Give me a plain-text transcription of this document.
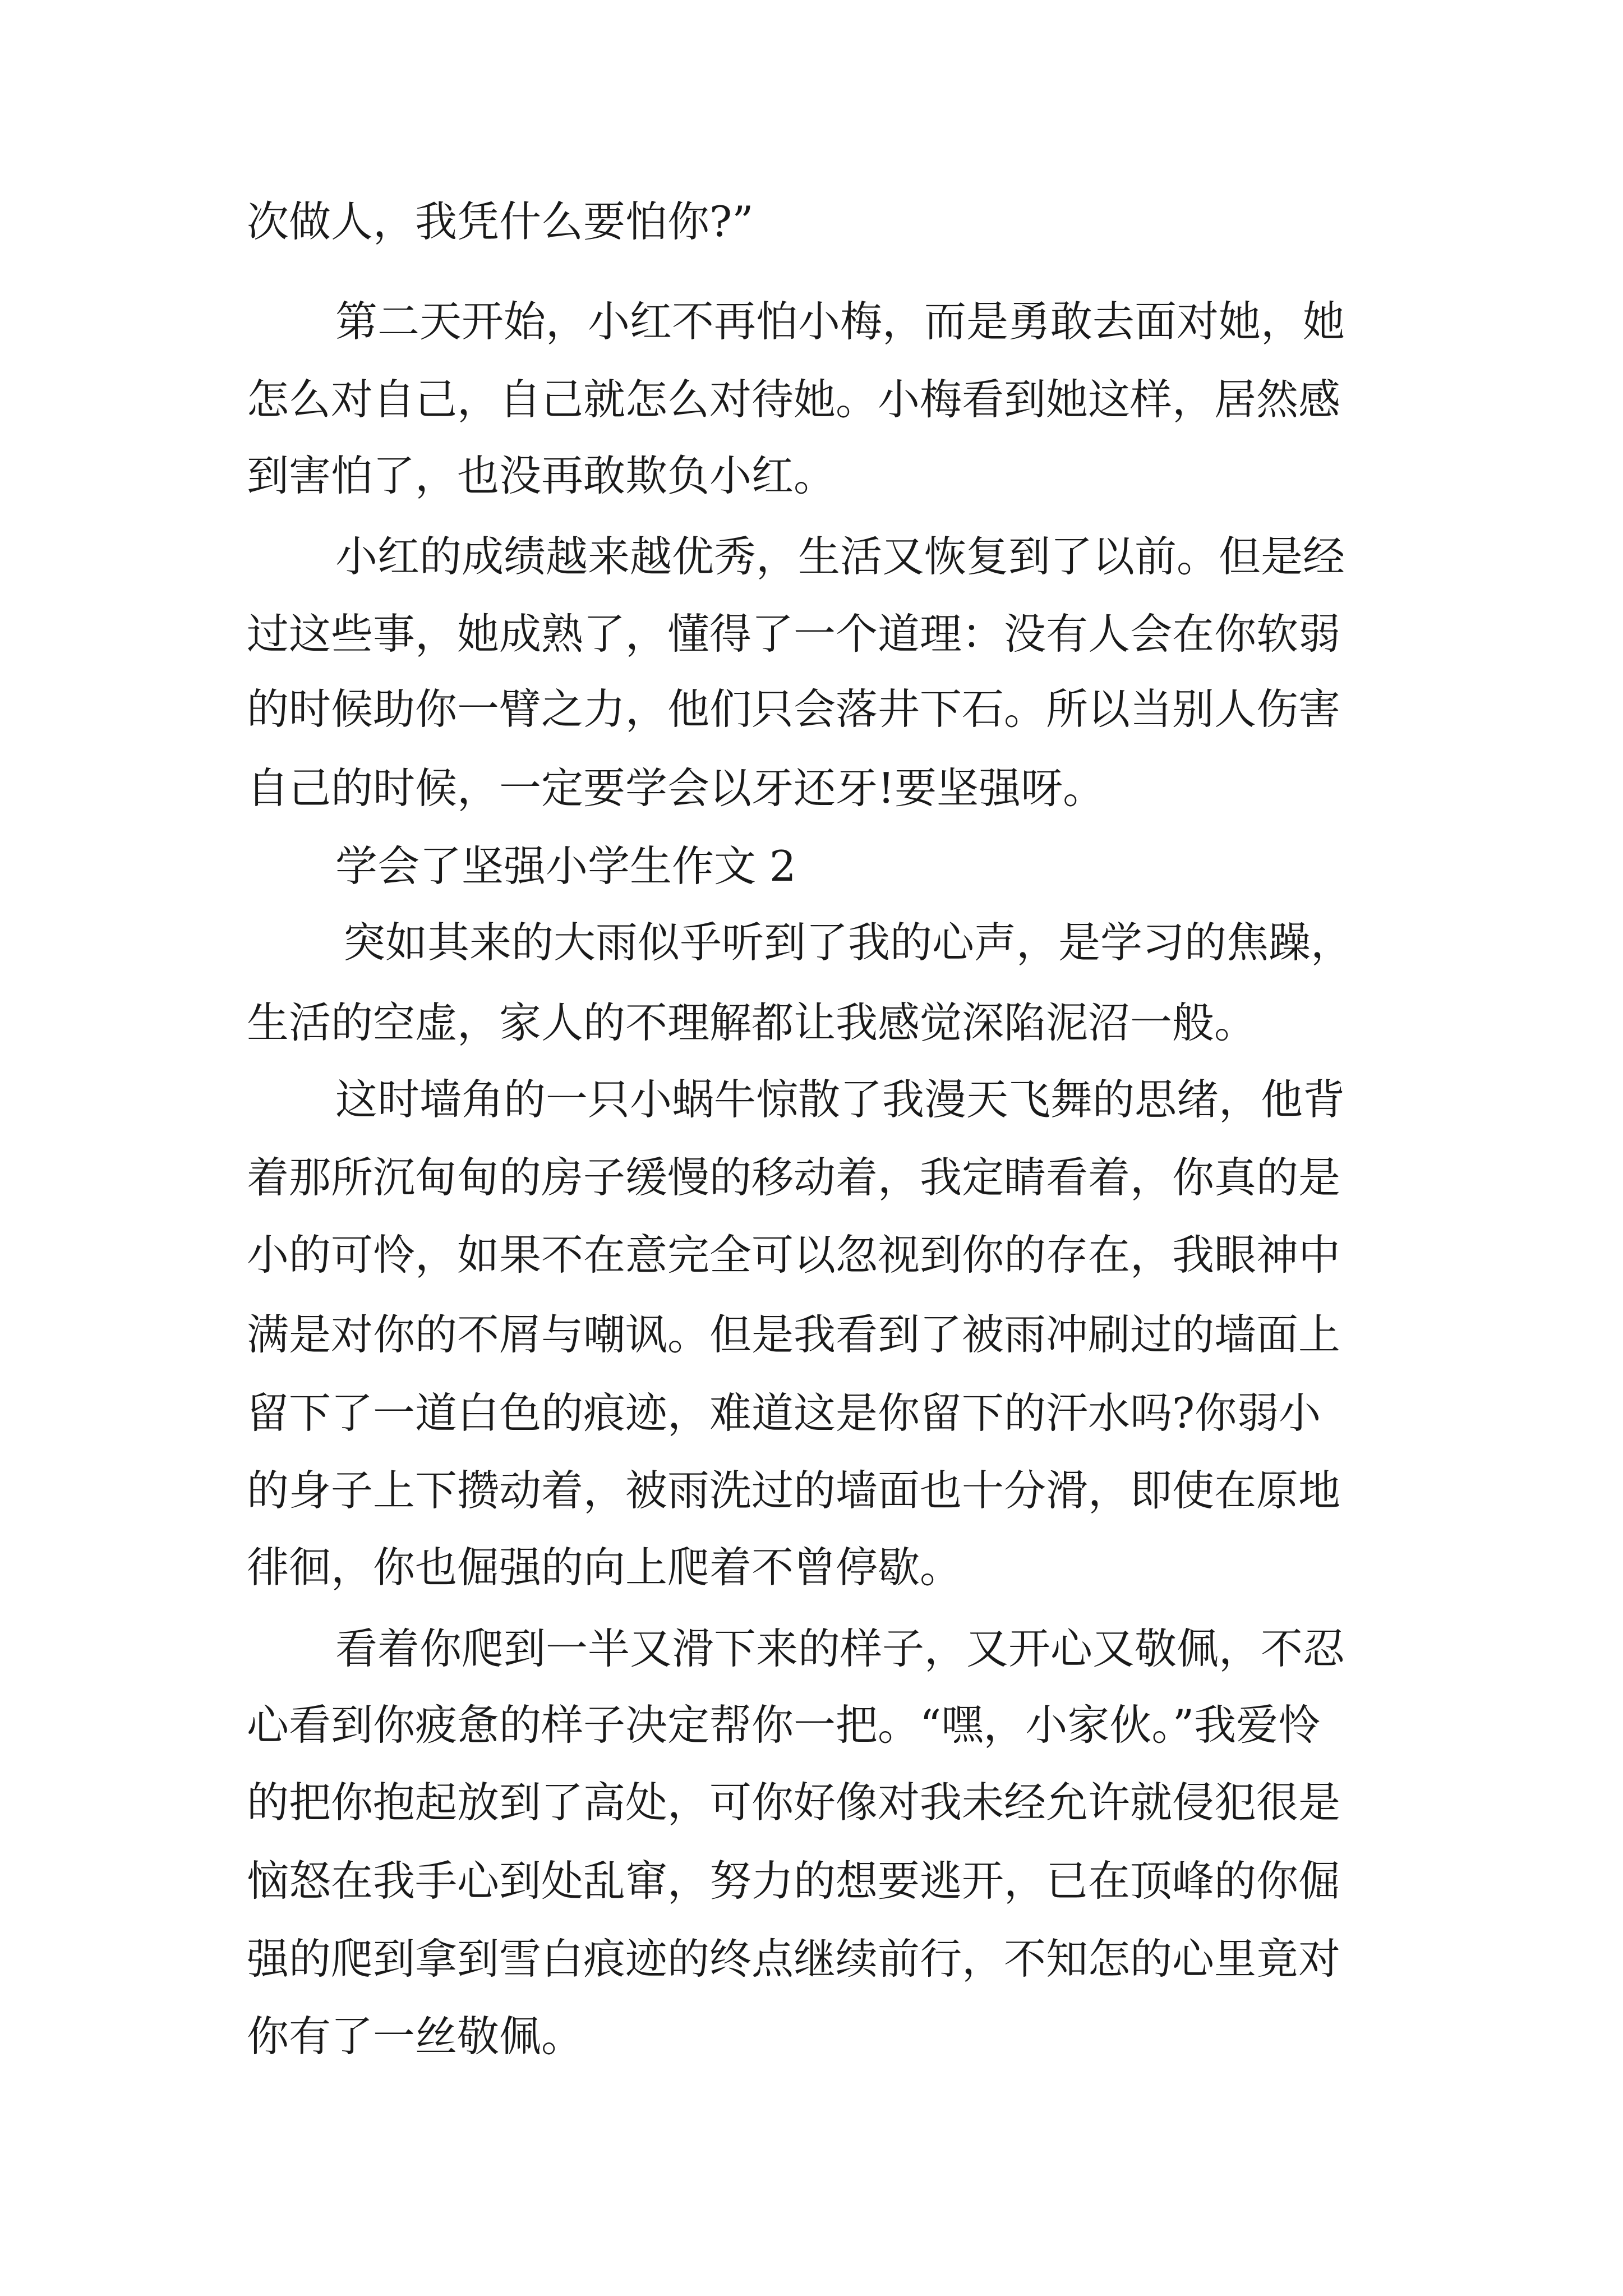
次做人，我凭什么要怕你?”
第二天开始，小红不再怕小梅，而是勇敢去面对她，她
怎么对自己，自己就怎么对待她。小梅看到她这样，居然感
到害怕了，也没再敢欺负小红。
小红的成绩越来越优秀，生活又恢复到了以前。但是经
过这些事，她成熟了，懂得了一个道理：没有人会在你软弱
的时候助你一臂之力，他们只会落井下石。所以当别人伤害
自己的时候，一定要学会以牙还牙!要坚强呀。
学会了坚强小学生作文 2
突如其来的大雨似乎听到了我的心声，是学习的焦躁，
生活的空虚，家人的不理解都让我感觉深陷泥沼一般。
这时墙角的一只小蜗牛惊散了我漫天飞舞的思绪，他背
着那所沉甸甸的房子缓慢的移动着，我定睛看着，你真的是
小的可怜，如果不在意完全可以忽视到你的存在，我眼神中
满是对你的不屑与嘲讽。但是我看到了被雨冲刷过的墙面上
留下了一道白色的痕迹，难道这是你留下的汗水吗?你弱小
的身子上下攒动着，被雨洗过的墙面也十分滑，即使在原地
徘徊，你也倔强的向上爬着不曾停歇。
看着你爬到一半又滑下来的样子，又开心又敬佩，不忍
心看到你疲惫的样子决定帮你一把。“嘿，小家伙。”我爱怜
的把你抱起放到了高处，可你好像对我未经允许就侵犯很是
恼怒在我手心到处乱窜，努力的想要逃开，已在顶峰的你倔
强的爬到拿到雪白痕迹的终点继续前行，不知怎的心里竟对
你有了一丝敬佩。
